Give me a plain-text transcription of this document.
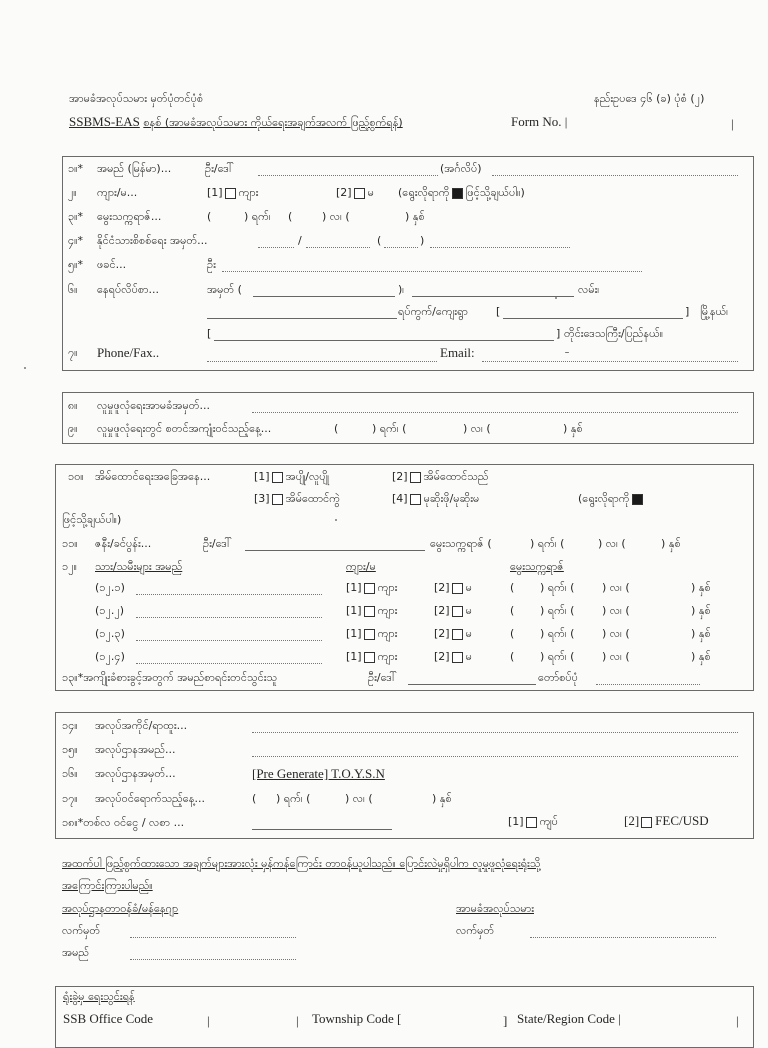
အာမခံအလုပ်သမား မှတ်ပုံတင်ပုံစံ	နည်းဥပဒေ ၄၆ (ခ) ပုံစံ (၂)
SSBMS-EAS စနစ် (အာမခံအလုပ်သမား ကိုယ်ရေးအချက်အလက် ဖြည့်စွက်ရန်)	Form No. |	|
၁။* အမည် (မြန်မာ)...	ဦး/ဒေါ်	(အင်္ဂလိပ်)
၂။ ကျား/မ...	[1] ကျား	[2] မ (ရွေးလိုရာကို ဖြင့်သို့ချယ်ပါ။)
၃။* မွေးသက္ကရာဇ်...	(	) ရက်၊ (	) လ၊ (	) နှစ်
၄။* နိုင်ငံသားစိစစ်ရေး အမှတ်...	/	(	)
၅။* ဖခင်...	ဦး
၆။ နေရပ်လိပ်စာ...	အမှတ် (	)၊	လမ်း၊
ရပ်ကွက်/ကျေးရွာ	[	] မြို့နယ်၊
[	] တိုင်းဒေသကြီး/ပြည်နယ်။
၇။ Phone/Fax..	Email:
၈။ လူမှုဖူလုံရေးအာမခံအမှတ်...
၉။ လူမှုဖူလုံရေးတွင် စတင်အကျုံးဝင်သည့်နေ့...	(	) ရက်၊ (	) လ၊ (	) နှစ်
၁၀။ အိမ်ထောင်ရေးအခြေအနေ...	[1] အပျို/လူပျို	[2] အိမ်ထောင်သည်
[3] အိမ်ထောင်ကွဲ	[4] မုဆိုးဖို/မုဆိုးမ	(ရွေးလိုရာကို
ဖြင့်သို့ချယ်ပါ။)
၁၁။ ဇနီး/ခင်ပွန်း...	ဦး/ဒေါ်	မွေးသက္ကရာဇ် (	) ရက်၊ (	) လ၊ (	) နှစ်
၁၂။ သား/သမီးများ အမည်	ကျား/မ	မွေးသက္ကရာဇ်
(၁၂.၁)	[1] ကျား	[2] မ	( ) ရက်၊ (	) လ၊ (	) နှစ်
(၁၂.၂)	[1] ကျား	[2] မ	( ) ရက်၊ (	) လ၊ (	) နှစ်
(၁၂.၃)	[1] ကျား	[2] မ	( ) ရက်၊ (	) လ၊ (	) နှစ်
(၁၂.၄)	[1] ကျား	[2] မ	( ) ရက်၊ (	) လ၊ (	) နှစ်
၁၃။*အကျိုးခံစားခွင့်အတွက် အမည်စာရင်းတင်သွင်းသူ	ဦး/ဒေါ်	တော်စပ်ပုံ
၁၄။ အလုပ်အကိုင်/ရာထူး...
၁၅။ အလုပ်ဌာနအမည်...
၁၆။ အလုပ်ဌာနအမှတ်...	[Pre Generate] T.O.Y.S.N
၁၇။ အလုပ်ဝင်ရောက်သည့်နေ့...	( ) ရက်၊ (	) လ၊ (	) နှစ်
၁၈။*တစ်လ ဝင်ငွေ / လစာ ...	[1] ကျပ်	[2] FEC/USD
အထက်ပါ ဖြည့်စွက်ထားသော အချက်များအားလုံး မှန်ကန်ကြောင်း တာဝန်ယူပါသည်။ ပြောင်းလဲမှုရှိပါက လူမှုဖူလုံရေးရုံးသို့
အကြောင်းကြားပါမည်။
အလုပ်ဌာနတာဝန်ခံ/မန်နေဂျာ	အာမခံအလုပ်သမား
လက်မှတ်	လက်မှတ်
အမည်
ရုံးခွဲမှ ရေးသွင်းရန်
SSB Office Code	|	| Township Code [	] State/Region Code |	|
